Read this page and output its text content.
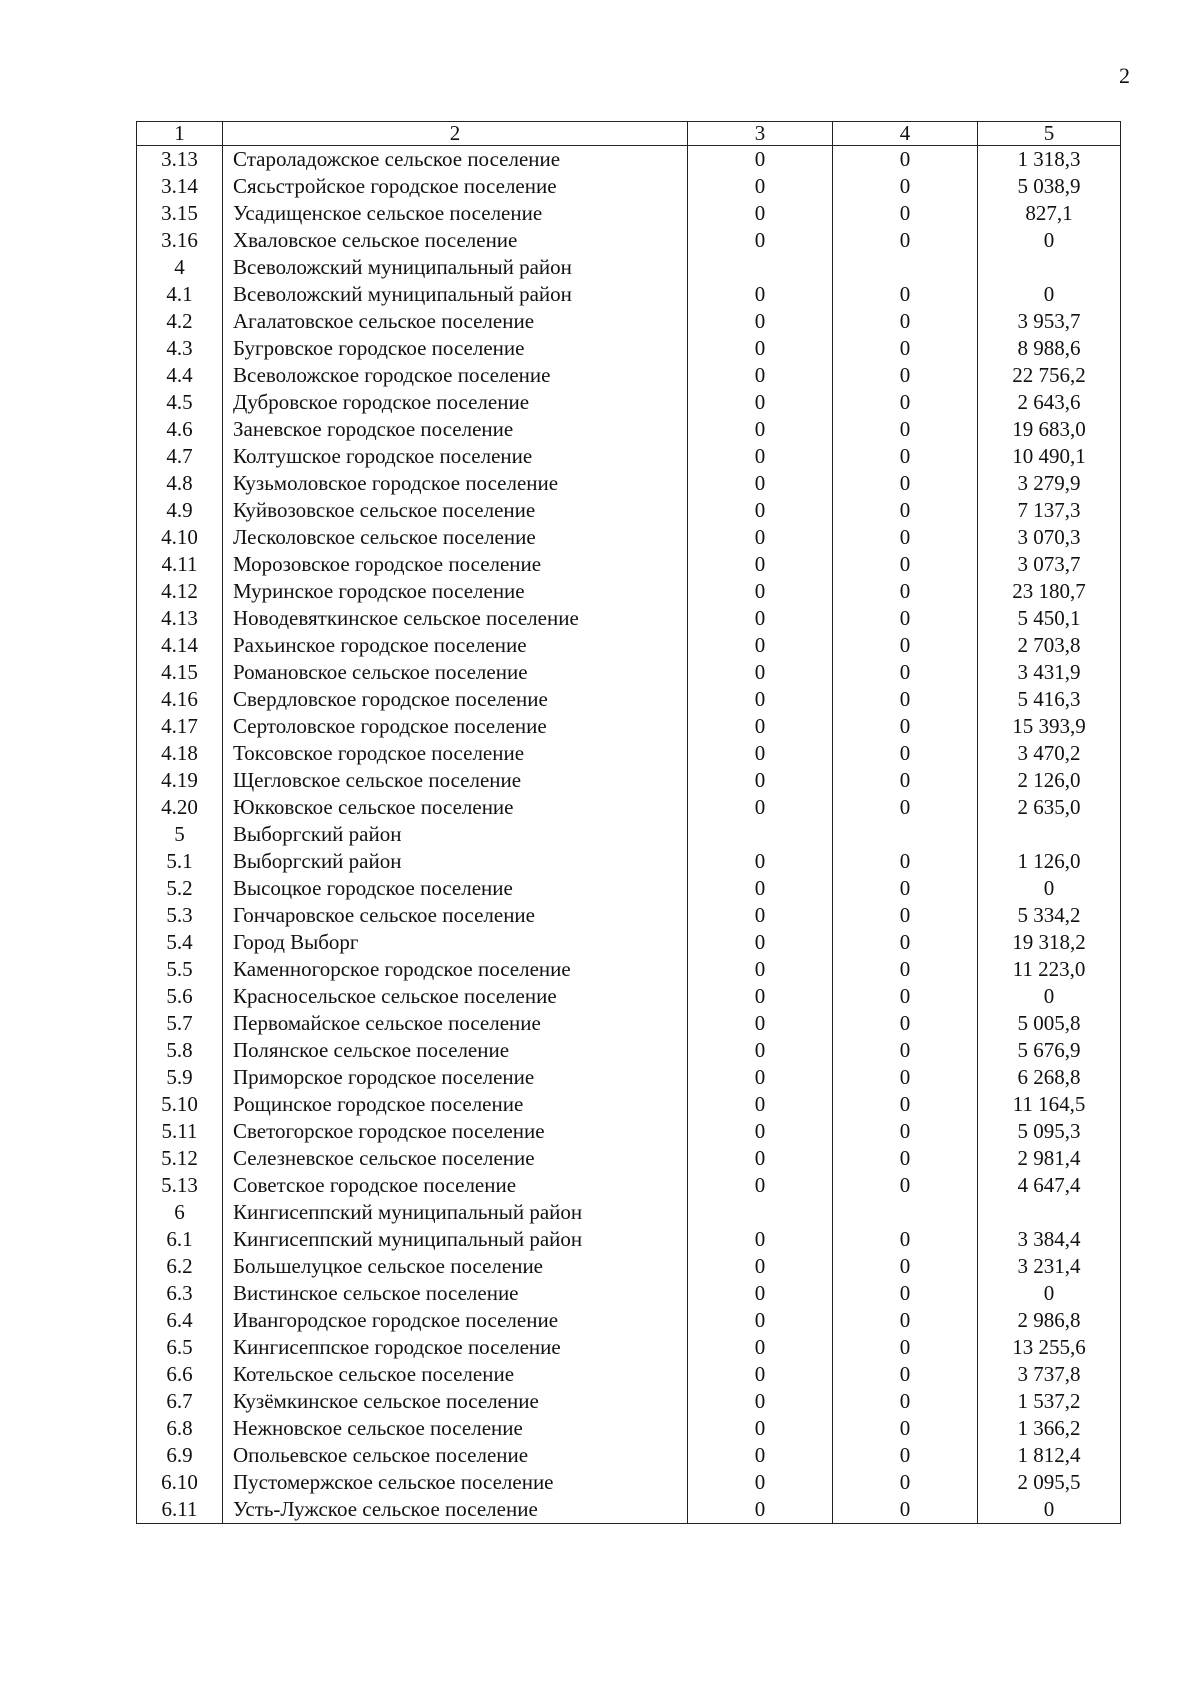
2
1	2	3	4	5
3.13	Староладожское сельское поселение	0	0	1 318,3
3.14	Сясьстройское городское поселение	0	0	5 038,9
3.15	Усадищенское сельское поселение	0	0	827,1
3.16	Хваловское сельское поселение	0	0	0
4	Всеволожский муниципальный район			
4.1	Всеволожский муниципальный район	0	0	0
4.2	Агалатовское сельское поселение	0	0	3 953,7
4.3	Бугровское городское поселение	0	0	8 988,6
4.4	Всеволожское городское поселение	0	0	22 756,2
4.5	Дубровское городское поселение	0	0	2 643,6
4.6	Заневское городское поселение	0	0	19 683,0
4.7	Колтушское городское поселение	0	0	10 490,1
4.8	Кузьмоловское городское поселение	0	0	3 279,9
4.9	Куйвозовское сельское поселение	0	0	7 137,3
4.10	Лесколовское сельское поселение	0	0	3 070,3
4.11	Морозовское городское поселение	0	0	3 073,7
4.12	Муринское городское поселение	0	0	23 180,7
4.13	Новодевяткинское сельское поселение	0	0	5 450,1
4.14	Рахьинское городское поселение	0	0	2 703,8
4.15	Романовское сельское поселение	0	0	3 431,9
4.16	Свердловское городское поселение	0	0	5 416,3
4.17	Сертоловское городское поселение	0	0	15 393,9
4.18	Токсовское городское поселение	0	0	3 470,2
4.19	Щегловское сельское поселение	0	0	2 126,0
4.20	Юкковское сельское поселение	0	0	2 635,0
5	Выборгский район			
5.1	Выборгский район	0	0	1 126,0
5.2	Высоцкое городское поселение	0	0	0
5.3	Гончаровское сельское поселение	0	0	5 334,2
5.4	Город Выборг	0	0	19 318,2
5.5	Каменногорское городское поселение	0	0	11 223,0
5.6	Красносельское сельское поселение	0	0	0
5.7	Первомайское сельское поселение	0	0	5 005,8
5.8	Полянское сельское поселение	0	0	5 676,9
5.9	Приморское городское поселение	0	0	6 268,8
5.10	Рощинское городское поселение	0	0	11 164,5
5.11	Светогорское городское поселение	0	0	5 095,3
5.12	Селезневское сельское поселение	0	0	2 981,4
5.13	Советское городское поселение	0	0	4 647,4
6	Кингисеппский муниципальный район			
6.1	Кингисеппский муниципальный район	0	0	3 384,4
6.2	Большелуцкое сельское поселение	0	0	3 231,4
6.3	Вистинское сельское поселение	0	0	0
6.4	Ивангородское городское поселение	0	0	2 986,8
6.5	Кингисеппское городское поселение	0	0	13 255,6
6.6	Котельское сельское поселение	0	0	3 737,8
6.7	Кузёмкинское сельское поселение	0	0	1 537,2
6.8	Нежновское сельское поселение	0	0	1 366,2
6.9	Опольевское сельское поселение	0	0	1 812,4
6.10	Пустомержское сельское поселение	0	0	2 095,5
6.11	Усть-Лужское сельское поселение	0	0	0
